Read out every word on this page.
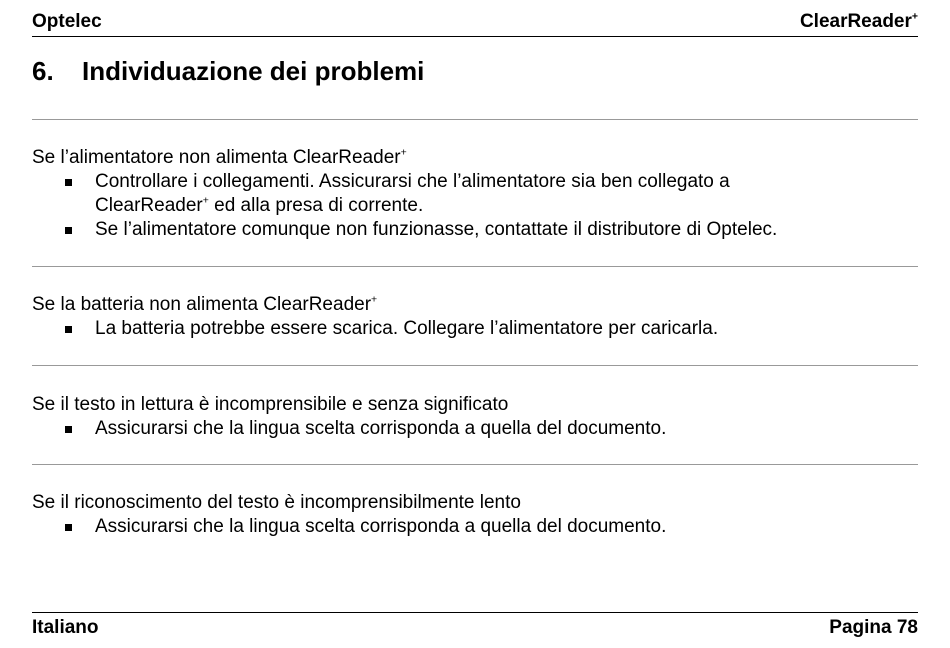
Optelec	ClearReader+
6.	Individuazione dei problemi

Se l’alimentatore non alimenta ClearReader+

Controllare i collegamenti. Assicurarsi che l’alimentatore sia ben collegato a
ClearReader+ ed alla presa di corrente.
Se l’alimentatore comunque non funzionasse, contattate il distributore di Optelec.

Se la batteria non alimenta ClearReader+

La batteria potrebbe essere scarica. Collegare l’alimentatore per caricarla.

Se il testo in lettura è incomprensibile e senza significato

Assicurarsi che la lingua scelta corrisponda a quella del documento.

Se il riconoscimento del testo è incomprensibilmente lento

Assicurarsi che la lingua scelta corrisponda a quella del documento.
Italiano	Pagina 78
